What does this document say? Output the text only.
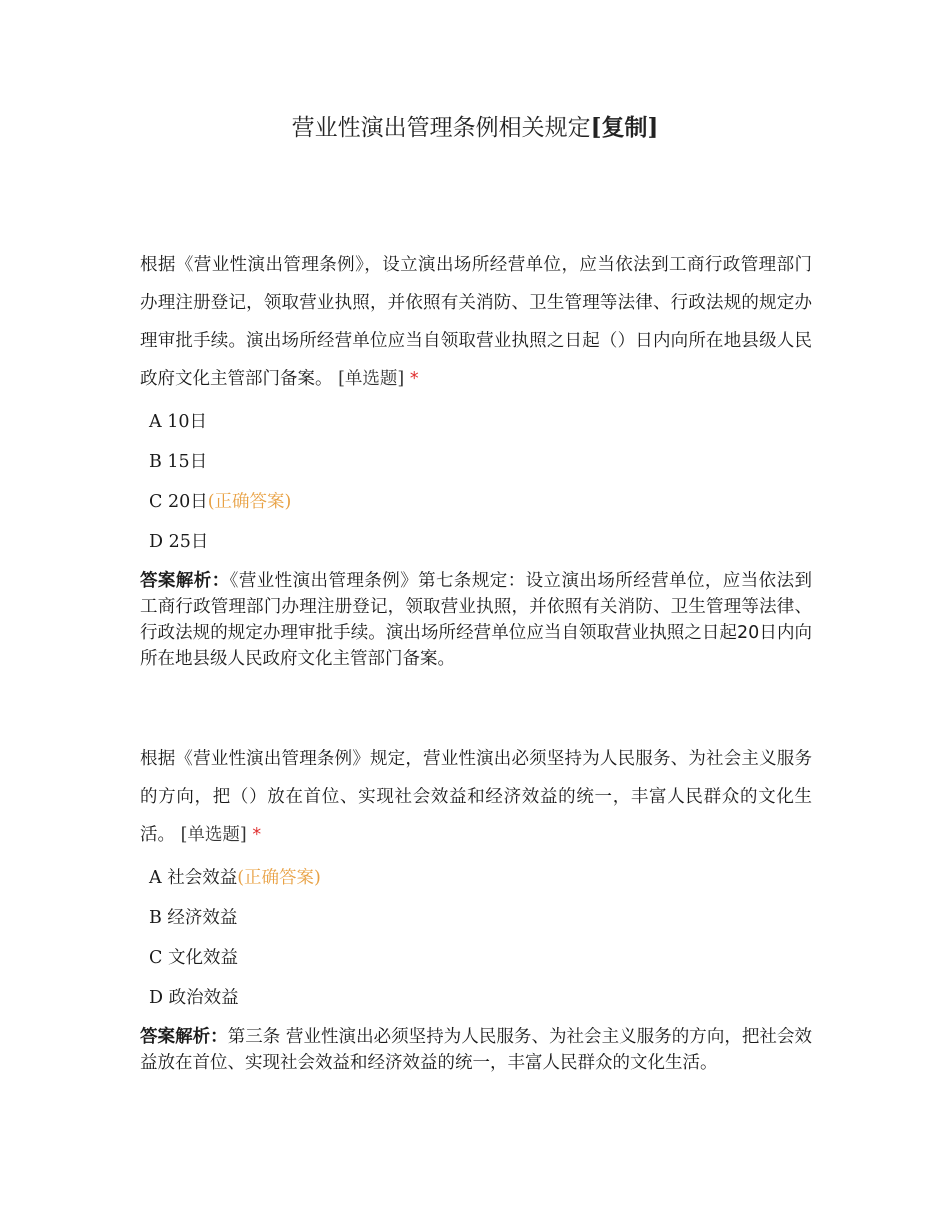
营业性演出管理条例相关规定[复制]

根据《营业性演出管理条例》，设立演出场所经营单位，应当依法到工商行政管理部门办理注册登记，领取营业执照，并依照有关消防、卫生管理等法律、行政法规的规定办理审批手续。演出场所经营单位应当自领取营业执照之日起（）日内向所在地县级人民政府文化主管部门备案。 [单选题] *

A 10日
B 15日
C 20日(正确答案)
D 25日

答案解析：《营业性演出管理条例》第七条规定：设立演出场所经营单位，应当依法到工商行政管理部门办理注册登记，领取营业执照，并依照有关消防、卫生管理等法律、行政法规的规定办理审批手续。演出场所经营单位应当自领取营业执照之日起20日内向所在地县级人民政府文化主管部门备案。

根据《营业性演出管理条例》规定，营业性演出必须坚持为人民服务、为社会主义服务的方向，把（）放在首位、实现社会效益和经济效益的统一，丰富人民群众的文化生活。 [单选题] *

A 社会效益(正确答案)
B 经济效益
C 文化效益
D 政治效益

答案解析：第三条 营业性演出必须坚持为人民服务、为社会主义服务的方向，把社会效益放在首位、实现社会效益和经济效益的统一，丰富人民群众的文化生活。
